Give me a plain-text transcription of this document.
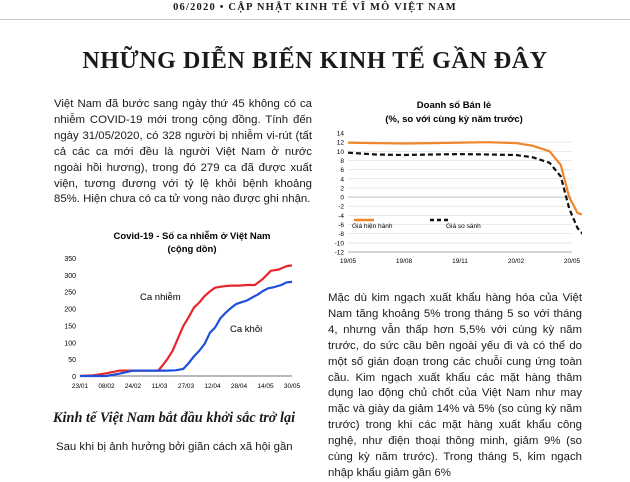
06/2020 • CẬP NHẬT KINH TẾ VĨ MÔ VIỆT NAM
NHỮNG DIỄN BIẾN KINH TẾ GẦN ĐÂY

Việt Nam đã bước sang ngày thứ 45 không có ca nhiễm COVID-19 mới trong cộng đồng. Tính đến ngày 31/05/2020, có 328 người bị nhiễm vi-rút (tất cả các ca mới đều là người Việt Nam ở nước ngoài hồi hương), trong đó 279 ca đã được xuất viện, tương đương với tỷ lệ khỏi bệnh khoảng 85%. Hiện chưa có ca tử vong nào được ghi nhận.

Covid-19 - Số ca nhiễm ở Việt Nam
(cộng dồn)
0
50
100
150
200
250
300
350
23/01 08/02 24/02 11/03 27/03 12/04 28/04 14/05 30/05
Ca nhiễm
Ca khỏi
Kinh tế Việt Nam bắt đầu khởi sắc trở lại

Sau khi bị ảnh hưởng bởi giãn cách xã hội gần

Doanh số Bán lẻ
(%, so với cùng kỳ năm trước)
-12
-10
-8
-6
-4
-2
0
2
4
6
8
10
12
14
19/05	19/08	19/11	20/02	20/05
Giá hiện hành	Giá so sánh

Mặc dù kim ngạch xuất khẩu hàng hóa của Việt Nam tăng khoảng 5% trong tháng 5 so với tháng 4, nhưng vẫn thấp hơn 5,5% với cùng kỳ năm trước, do sức cầu bên ngoài yếu đi và có thể do một số gián đoạn trong các chuỗi cung ứng toàn cầu. Kim ngạch xuất khẩu các mặt hàng thâm dụng lao động chủ chốt của Việt Nam như may mặc và giày da giảm 14% và 5% (so cùng kỳ năm trước) trong khi các mặt hàng xuất khẩu công nghệ, như điện thoại thông minh, giảm 9% (so cùng kỳ năm trước). Trong tháng 5, kim ngạch nhập khẩu giảm gần 6%
